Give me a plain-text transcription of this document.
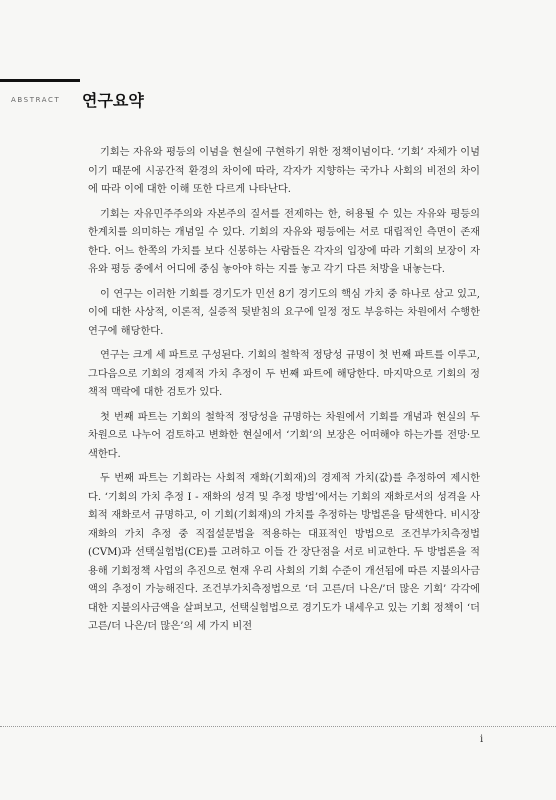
ABSTRACT 연구요약

기회는 자유와 평등의 이념을 현실에 구현하기 위한 정책이념이다. ‘기회’ 자체가 이념이기 때문에 시공간적 환경의 차이에 따라, 각자가 지향하는 국가나 사회의 비전의 차이에 따라 이에 대한 이해 또한 다르게 나타난다.

기회는 자유민주주의와 자본주의 질서를 전제하는 한, 허용될 수 있는 자유와 평등의 한계치를 의미하는 개념일 수 있다. 기회의 자유와 평등에는 서로 대립적인 측면이 존재한다. 어느 한쪽의 가치를 보다 신봉하는 사람들은 각자의 입장에 따라 기회의 보장이 자유와 평등 중에서 어디에 중심 놓아야 하는 지를 놓고 각기 다른 처방을 내놓는다.

이 연구는 이러한 기회를 경기도가 민선 8기 경기도의 핵심 가치 중 하나로 삼고 있고, 이에 대한 사상적, 이론적, 실증적 뒷받침의 요구에 일정 정도 부응하는 차원에서 수행한 연구에 해당한다.

연구는 크게 세 파트로 구성된다. 기회의 철학적 정당성 규명이 첫 번째 파트를 이루고, 그다음으로 기회의 경제적 가치 추정이 두 번째 파트에 해당한다. 마지막으로 기회의 정책적 맥락에 대한 검토가 있다.

첫 번째 파트는 기회의 철학적 정당성을 규명하는 차원에서 기회를 개념과 현실의 두 차원으로 나누어 검토하고 변화한 현실에서 ‘기회’의 보장은 어떠해야 하는가를 전망·모색한다.

두 번째 파트는 기회라는 사회적 재화(기회재)의 경제적 가치(값)를 추정하여 제시한다. ‘기회의 가치 추정 I - 재화의 성격 및 추정 방법’에서는 기회의 재화로서의 성격을 사회적 재화로서 규명하고, 이 기회(기회재)의 가치를 추정하는 방법론을 탐색한다. 비시장재화의 가치 추정 중 직접설문법을 적용하는 대표적인 방법으로 조건부가치측정법(CVM)과 선택실험법(CE)를 고려하고 이들 간 장단점을 서로 비교한다. 두 방법론을 적용해 기회정책 사업의 추진으로 현재 우리 사회의 기회 수준이 개선됨에 따른 지불의사금액의 추정이 가능해진다. 조건부가치측정법으로 ‘더 고른/더 나은/’더 많은 기회’ 각각에 대한 지불의사금액을 살펴보고, 선택실험법으로 경기도가 내세우고 있는 기회 정책이 ‘더 고른/더 나은/더 많은’의 세 가지 비전

i
